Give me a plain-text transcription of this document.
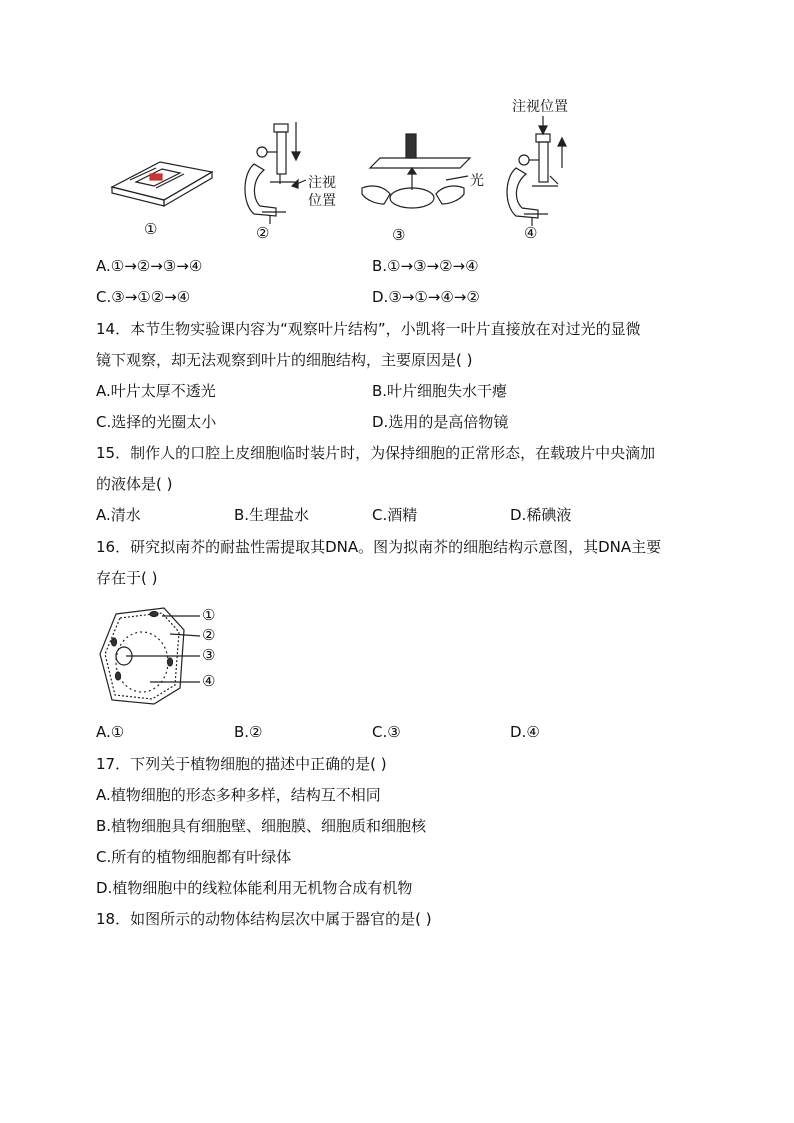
注视
位置
光
注视位置
①	②	③	④
A.①→②→③→④	B.①→③→②→④
C.③→①②→④	D.③→①→④→②
14．本节生物实验课内容为“观察叶片结构”，小凯将一叶片直接放在对过光的显微
镜下观察，却无法观察到叶片的细胞结构，主要原因是( )
A.叶片太厚不透光	B.叶片细胞失水干瘪
C.选择的光圈太小	D.选用的是高倍物镜
15．制作人的口腔上皮细胞临时装片时，为保持细胞的正常形态，在载玻片中央滴加
的液体是( )
A.清水	B.生理盐水	C.酒精	D.稀碘液
16．研究拟南芥的耐盐性需提取其DNA。图为拟南芥的细胞结构示意图，其DNA主要
存在于( )
①
②
③
④
A.①	B.②	C.③	D.④
17．下列关于植物细胞的描述中正确的是( )
A.植物细胞的形态多种多样，结构互不相同
B.植物细胞具有细胞壁、细胞膜、细胞质和细胞核
C.所有的植物细胞都有叶绿体
D.植物细胞中的线粒体能利用无机物合成有机物
18．如图所示的动物体结构层次中属于器官的是( )
